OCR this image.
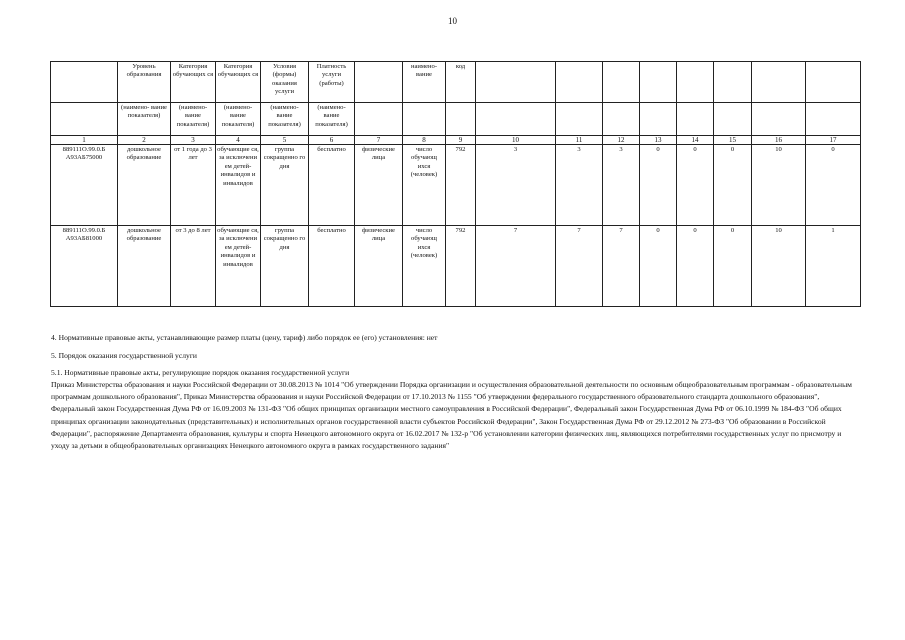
10
	Уровень образования	Категория обучающих ся	Категория обучающих ся	Условия (формы) оказания услуги	Платность услуги (работы)		наимено- вание	код								
	(наимено- вание показателя)	(наимено- вание показателя)	(наимено- вание показателя)	(наимено- вание показателя)	(наимено- вание показателя)											
1	2	3	4	5	6	7	8	9	10	11	12	13	14	15	16	17
889111О.99.0.Б А93АБ75000	дошкольное образование	от 1 года до 3 лет	обучающие ся, за исключени ем детей- инвалидов и инвалидов	группа сокращенно го дня	бесплатно	физические лица	число обучающ ихся (человек)	792	3	3	3	0	0	0	10	0
889111О.99.0.Б А93АБ81000	дошкольное образование	от 3 до 8 лет	обучающие ся, за исключени ем детей- инвалидов и инвалидов	группа сокращенно го дня	бесплатно	физические лица	число обучающ ихся (человек)	792	7	7	7	0	0	0	10	1
4. Нормативные правовые акты, устанавливающие размер платы (цену, тариф) либо порядок ее (его) установления: нет
5. Порядок оказания государственной услуги
5.1. Нормативные правовые акты, регулирующие порядок оказания государственной услуги
Приказ Министерства образования и науки Российской Федерации от 30.08.2013 № 1014 "Об утверждении Порядка организации и осуществления образовательной деятельности по основным общеобразовательным программам - образовательным программам дошкольного образования", Приказ Министерства образования и науки Российской Федерации от 17.10.2013 № 1155 "Об утверждении федерального государственного образовательного стандарта дошкольного образования", Федеральный закон Государственная Дума РФ от 16.09.2003 № 131-ФЗ "Об общих принципах организации местного самоуправления в Российской Федерации", Федеральный закон Государственная Дума РФ от 06.10.1999 № 184-ФЗ "Об общих принципах организации законодательных (представительных) и исполнительных органов государственной власти субъектов Российской Федерации", Закон Государственная Дума РФ от 29.12.2012 № 273-ФЗ "Об образовании в Российской Федерации", распоряжение Департамента образования, культуры и спорта Ненецкого автономного округа от 16.02.2017 № 132-р "Об установлении категории физических лиц, являющихся потребителями государственных услуг по присмотру и уходу за детьми в общеобразовательных организациях Ненецкого автономного округа в рамках государственного задания"
